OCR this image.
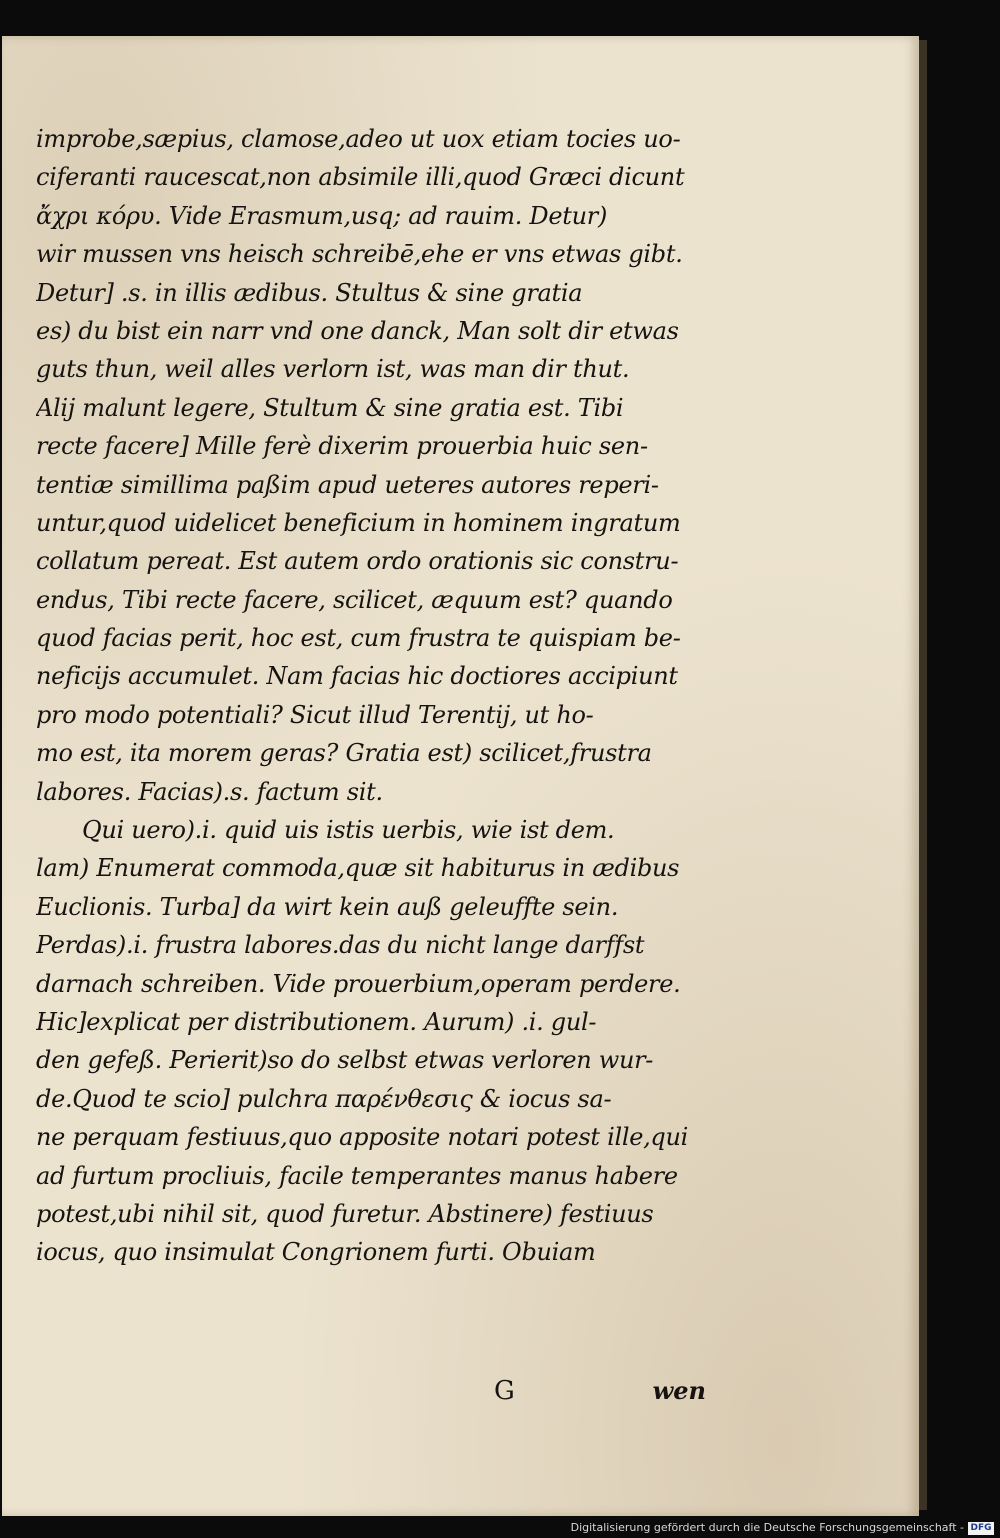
improbe,sæpius, clamose,adeo ut uox etiam tocies uo-
ciferanti raucescat,non absimile illi,quod Græci dicunt
ἄχρι κόρυ. Vide Erasmum,usq; ad rauim. Detur)
wir mussen vns heisch schreibē,ehe er vns etwas gibt.
Detur] .s. in illis ædibus. Stultus & sine gratia
es) du bist ein narr vnd one danck, Man solt dir etwas
guts thun, weil alles verlorn ist, was man dir thut.
Alij malunt legere, Stultum & sine gratia est. Tibi
recte facere] Mille ferè dixerim prouerbia huic sen-
tentiæ simillima paßim apud ueteres autores reperi-
untur,quod uidelicet beneficium in hominem ingratum
collatum pereat. Est autem ordo orationis sic constru-
endus, Tibi recte facere, scilicet, æquum est? quando
quod facias perit, hoc est, cum frustra te quispiam be-
neficijs accumulet. Nam facias hic doctiores accipiunt
pro modo potentiali? Sicut illud Terentij, ut ho-
mo est, ita morem geras? Gratia est) scilicet,frustra
labores. Facias).s. factum sit.
Qui uero).i. quid uis istis uerbis, wie ist dem.
lam) Enumerat commoda,quæ sit habiturus in ædibus
Euclionis. Turba] da wirt kein auß geleuffte sein.
Perdas).i. frustra labores.das du nicht lange darffst
darnach schreiben. Vide prouerbium,operam perdere.
Hic]explicat per distributionem. Aurum) .i. gul-
den gefeß. Perierit)so do selbst etwas verloren wur-
de.Quod te scio] pulchra παρένθεσις & iocus sa-
ne perquam festiuus,quo apposite notari potest ille,qui
ad furtum procliuis, facile temperantes manus habere
potest,ubi nihil sit, quod furetur. Abstinere) festiuus
iocus, quo insimulat Congrionem furti. Obuiam
G	wen
Digitalisierung gefördert durch die Deutsche Forschungsgemeinschaft - DFG
